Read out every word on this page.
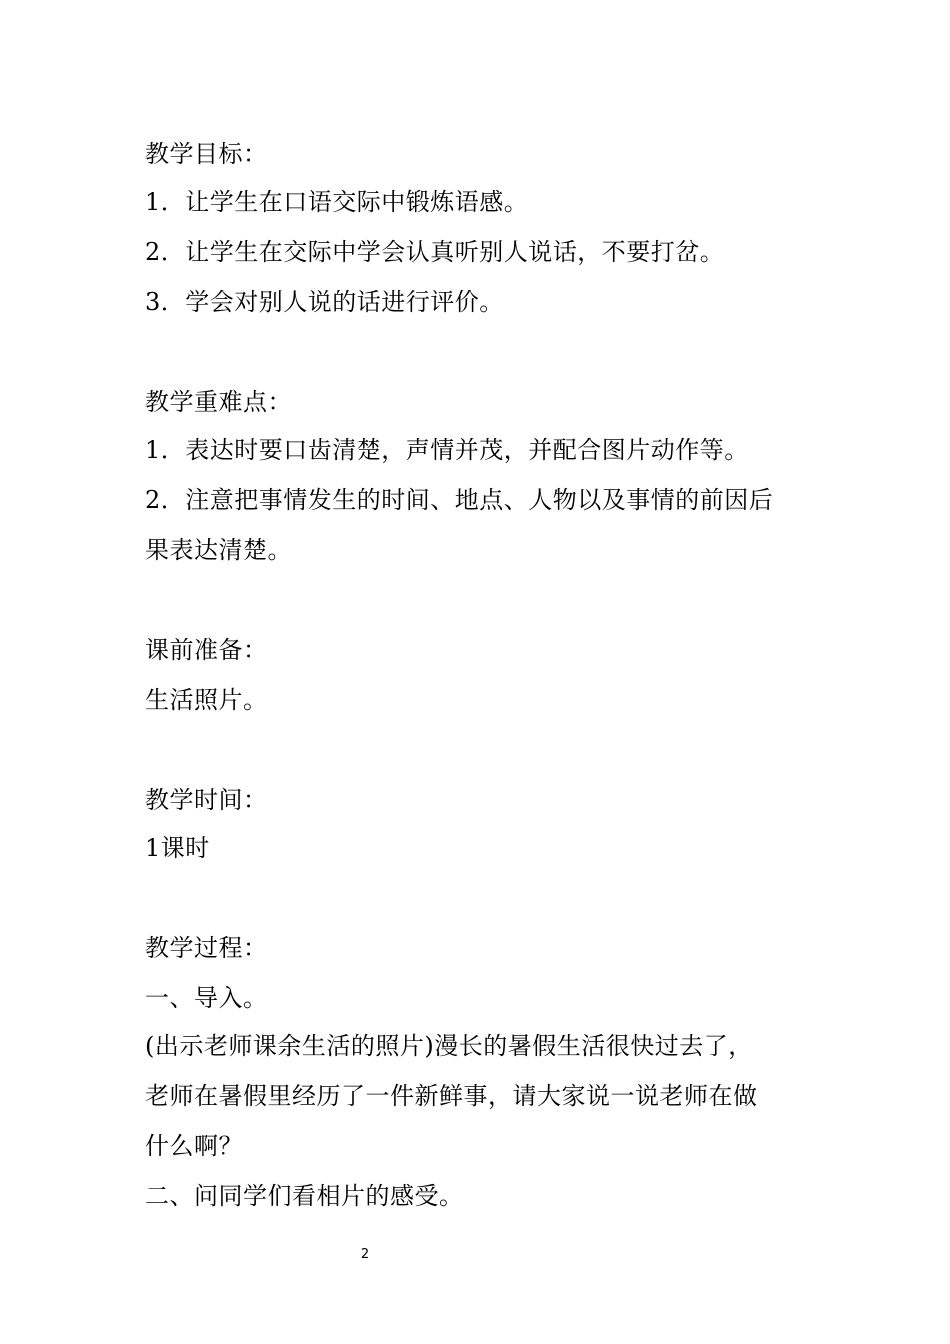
教学目标：
1．让学生在口语交际中锻炼语感。
2．让学生在交际中学会认真听别人说话，不要打岔。
3．学会对别人说的话进行评价。
教学重难点：
1．表达时要口齿清楚，声情并茂，并配合图片动作等。
2．注意把事情发生的时间、地点、人物以及事情的前因后
果表达清楚。
课前准备：
生活照片。
教学时间：
1课时
教学过程：
一、导入。
(出示老师课余生活的照片)漫长的暑假生活很快过去了，
老师在暑假里经历了一件新鲜事，请大家说一说老师在做
什么啊？
二、问同学们看相片的感受。
2
